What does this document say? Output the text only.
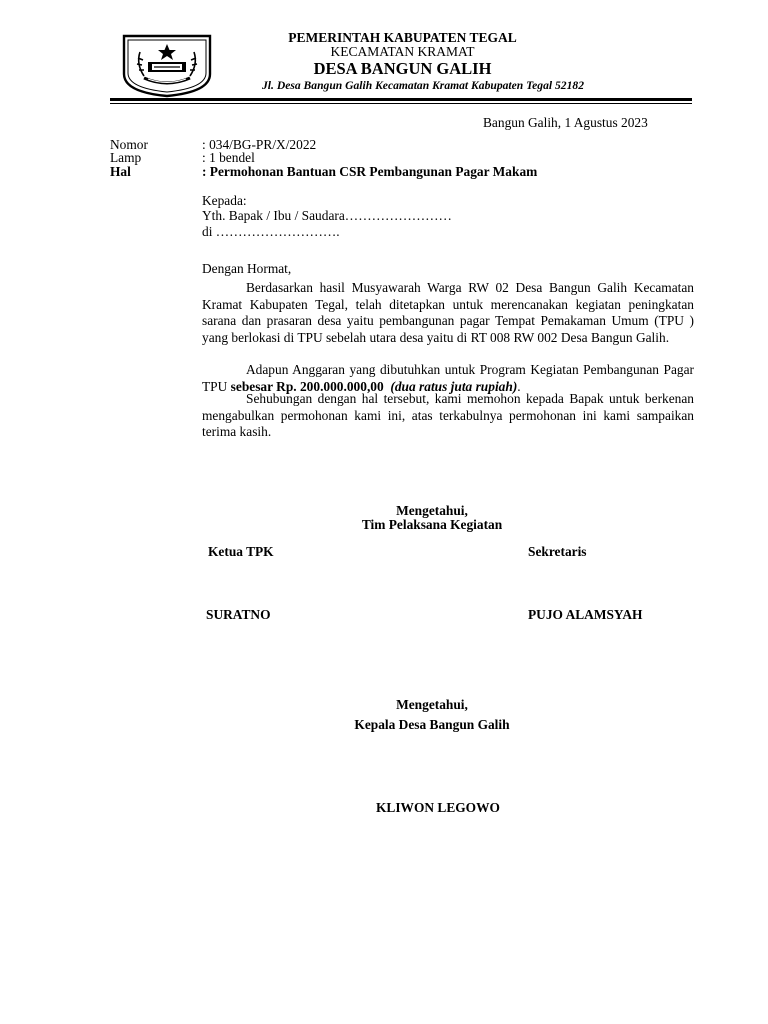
PEMERINTAH KABUPATEN TEGAL
KECAMATAN KRAMAT
DESA BANGUN GALIH
Jl. Desa Bangun Galih Kecamatan Kramat Kabupaten Tegal 52182
Bangun Galih, 1 Agustus 2023
Nomor	: 034/BG-PR/X/2022
Lamp	: 1 bendel
Hal	: Permohonan Bantuan CSR Pembangunan Pagar Makam
Kepada:
Yth. Bapak / Ibu / Saudara……………………
di ……………………….
Dengan Hormat,
Berdasarkan hasil Musyawarah Warga RW 02 Desa Bangun Galih Kecamatan Kramat Kabupaten Tegal, telah ditetapkan untuk merencanakan kegiatan peningkatan sarana dan prasaran desa yaitu pembangunan pagar Tempat Pemakaman Umum (TPU ) yang berlokasi di TPU sebelah utara desa yaitu di RT 008 RW 002 Desa Bangun Galih.
Adapun Anggaran yang dibutuhkan untuk Program Kegiatan Pembangunan Pagar TPU sebesar Rp. 200.000.000,00 (dua ratus juta rupiah).
Sehubungan dengan hal tersebut, kami memohon kepada Bapak untuk berkenan mengabulkan permohonan kami ini, atas terkabulnya permohonan ini kami sampaikan terima kasih.
Mengetahui,
Tim Pelaksana Kegiatan
Ketua TPK	Sekretaris
SURATNO	PUJO ALAMSYAH
Mengetahui,
Kepala Desa Bangun Galih
KLIWON LEGOWO
